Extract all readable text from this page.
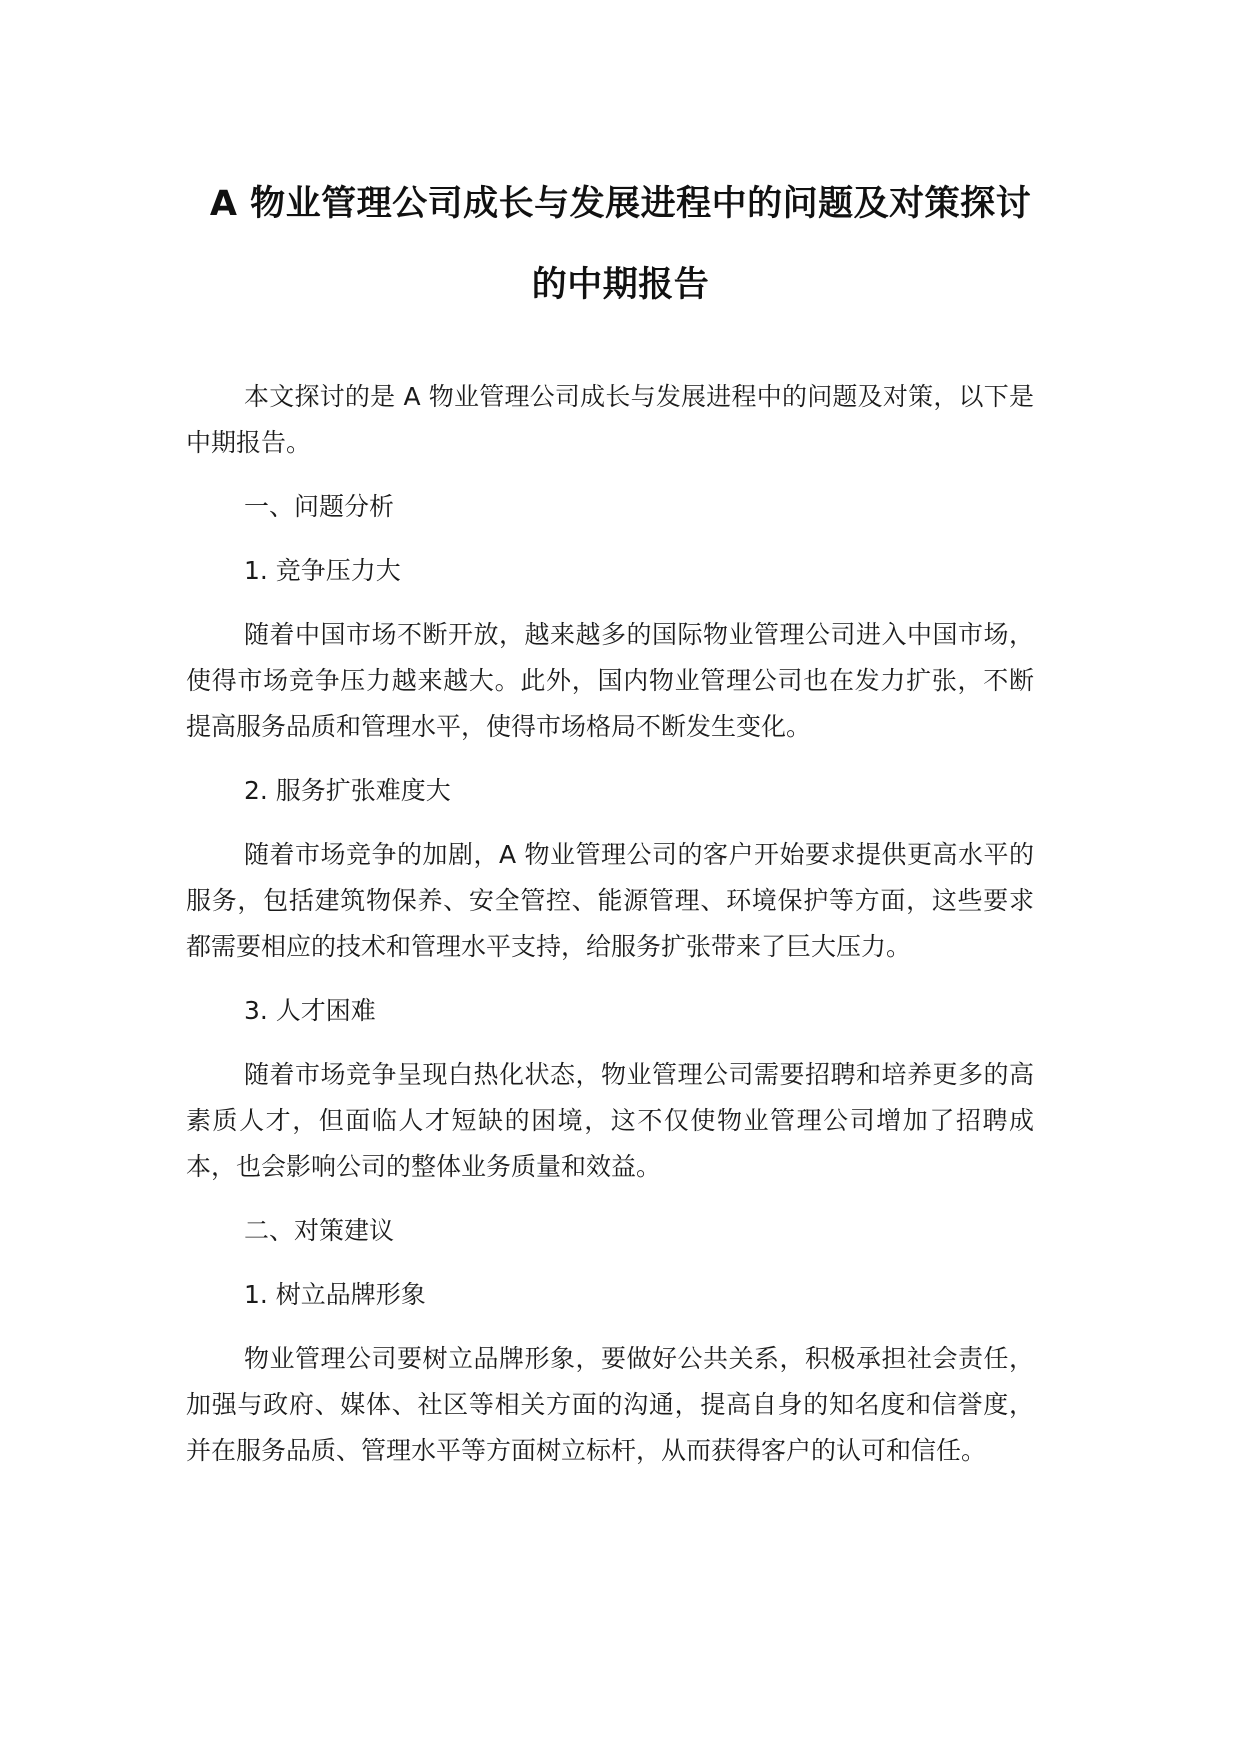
A 物业管理公司成长与发展进程中的问题及对策探讨
的中期报告

本文探讨的是 A 物业管理公司成长与发展进程中的问题及对策，以下是中期报告。

一、问题分析

1. 竞争压力大

随着中国市场不断开放，越来越多的国际物业管理公司进入中国市场，使得市场竞争压力越来越大。此外，国内物业管理公司也在发力扩张，不断提高服务品质和管理水平，使得市场格局不断发生变化。

2. 服务扩张难度大

随着市场竞争的加剧，A 物业管理公司的客户开始要求提供更高水平的服务，包括建筑物保养、安全管控、能源管理、环境保护等方面，这些要求都需要相应的技术和管理水平支持，给服务扩张带来了巨大压力。

3. 人才困难

随着市场竞争呈现白热化状态，物业管理公司需要招聘和培养更多的高素质人才，但面临人才短缺的困境，这不仅使物业管理公司增加了招聘成本，也会影响公司的整体业务质量和效益。

二、对策建议

1. 树立品牌形象

物业管理公司要树立品牌形象，要做好公共关系，积极承担社会责任，加强与政府、媒体、社区等相关方面的沟通，提高自身的知名度和信誉度，并在服务品质、管理水平等方面树立标杆，从而获得客户的认可和信任。
